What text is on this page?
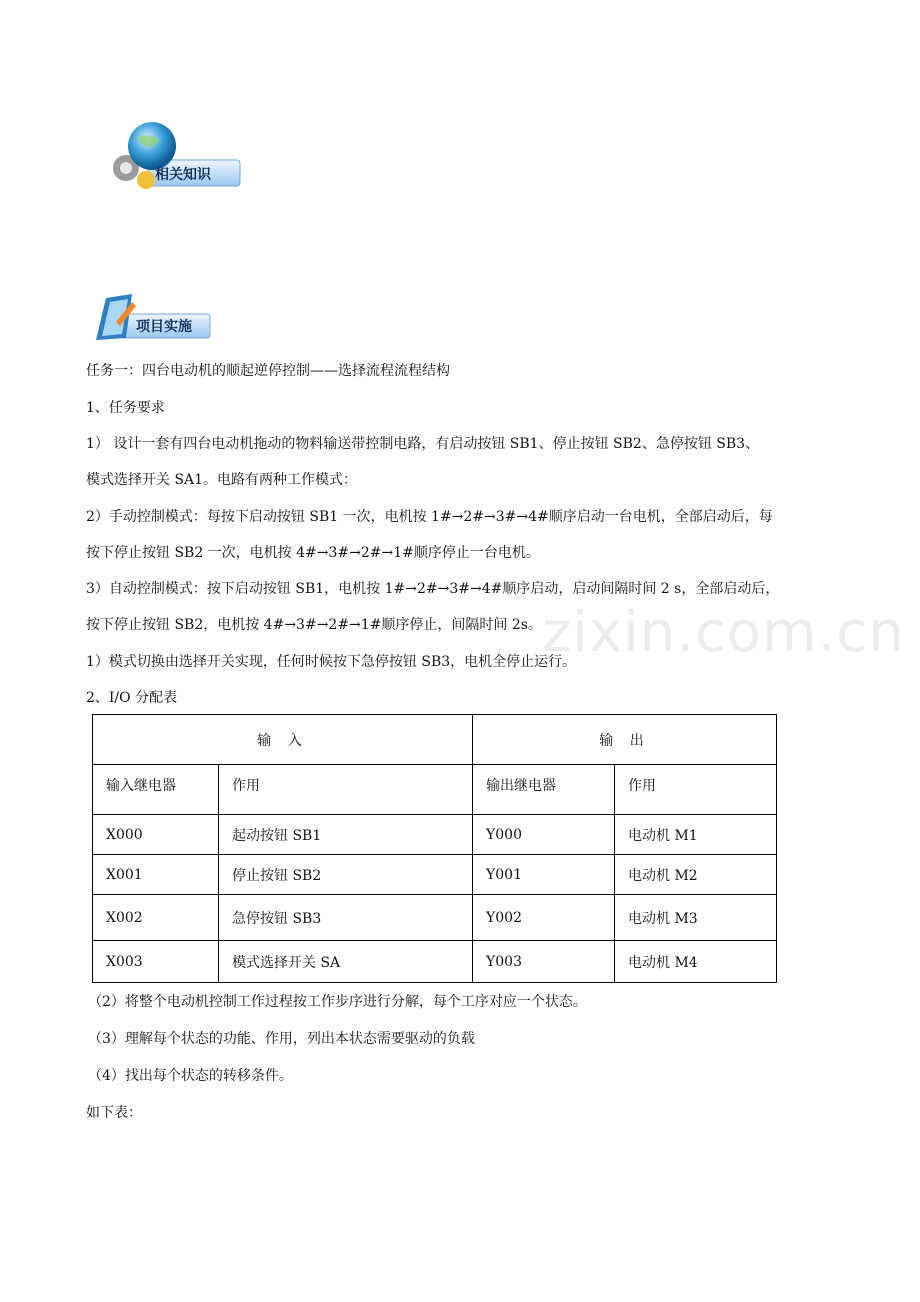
相关知识
项目实施
任务一：四台电动机的顺起逆停控制——选择流程流程结构
1、任务要求
1） 设计一套有四台电动机拖动的物料输送带控制电路，有启动按钮 SB1、停止按钮 SB2、急停按钮 SB3、
模式选择开关 SA1。电路有两种工作模式：
2）手动控制模式：每按下启动按钮 SB1 一次，电机按 1#→2#→3#→4#顺序启动一台电机，全部启动后，每
按下停止按钮 SB2 一次，电机按 4#→3#→2#→1#顺序停止一台电机。
3）自动控制模式：按下启动按钮 SB1，电机按 1#→2#→3#→4#顺序启动，启动间隔时间 2 s，全部启动后，
按下停止按钮 SB2，电机按 4#→3#→2#→1#顺序停止，间隔时间 2s。
1）模式切换由选择开关实现，任何时候按下急停按钮 SB3，电机全停止运行。
2、I/O 分配表
zixin.com.cn
输 入		输 出	
输入继电器	作用	输出继电器	作用
X000	起动按钮 SB1	Y000	电动机 M1
X001	停止按钮 SB2	Y001	电动机 M2
X002	急停按钮 SB3	Y002	电动机 M3
X003	模式选择开关 SA	Y003	电动机 M4
（2）将整个电动机控制工作过程按工作步序进行分解，每个工序对应一个状态。
（3）理解每个状态的功能、作用，列出本状态需要驱动的负载
（4）找出每个状态的转移条件。
如下表：
